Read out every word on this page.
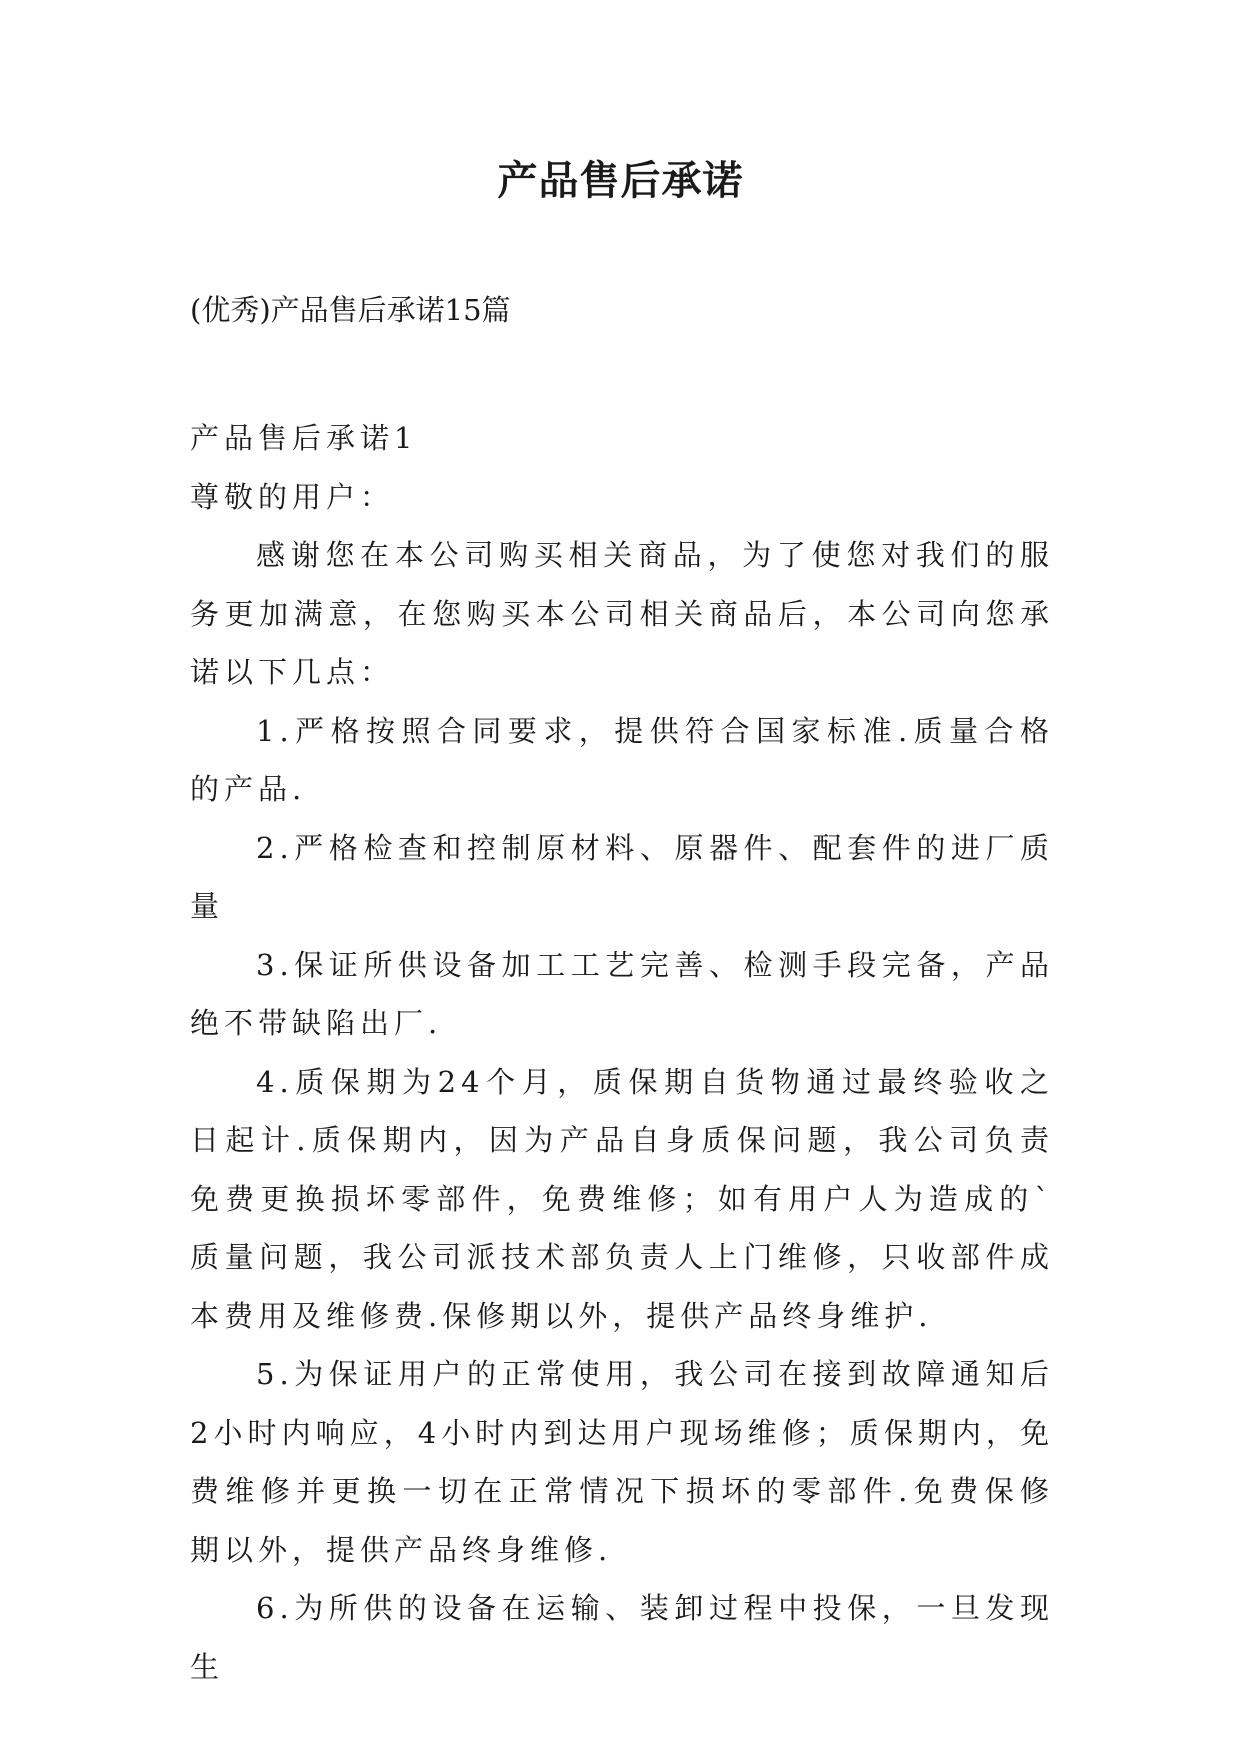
产品售后承诺

(优秀)产品售后承诺15篇

产品售后承诺1

尊敬的用户：

感谢您在本公司购买相关商品，为了使您对我们的服务更加满意，在您购买本公司相关商品后，本公司向您承诺以下几点：

1.严格按照合同要求，提供符合国家标准.质量合格的产品.

2.严格检查和控制原材料、原器件、配套件的进厂质量

3.保证所供设备加工工艺完善、检测手段完备，产品绝不带缺陷出厂.

4.质保期为24个月，质保期自货物通过最终验收之日起计.质保期内，因为产品自身质保问题，我公司负责免费更换损坏零部件，免费维修；如有用户人为造成的`质量问题，我公司派技术部负责人上门维修，只收部件成本费用及维修费.保修期以外，提供产品终身维护.

5.为保证用户的正常使用，我公司在接到故障通知后2小时内响应，4小时内到达用户现场维修；质保期内，免费维修并更换一切在正常情况下损坏的零部件.免费保修期以外，提供产品终身维修.

6.为所供的设备在运输、装卸过程中投保，一旦发现生
